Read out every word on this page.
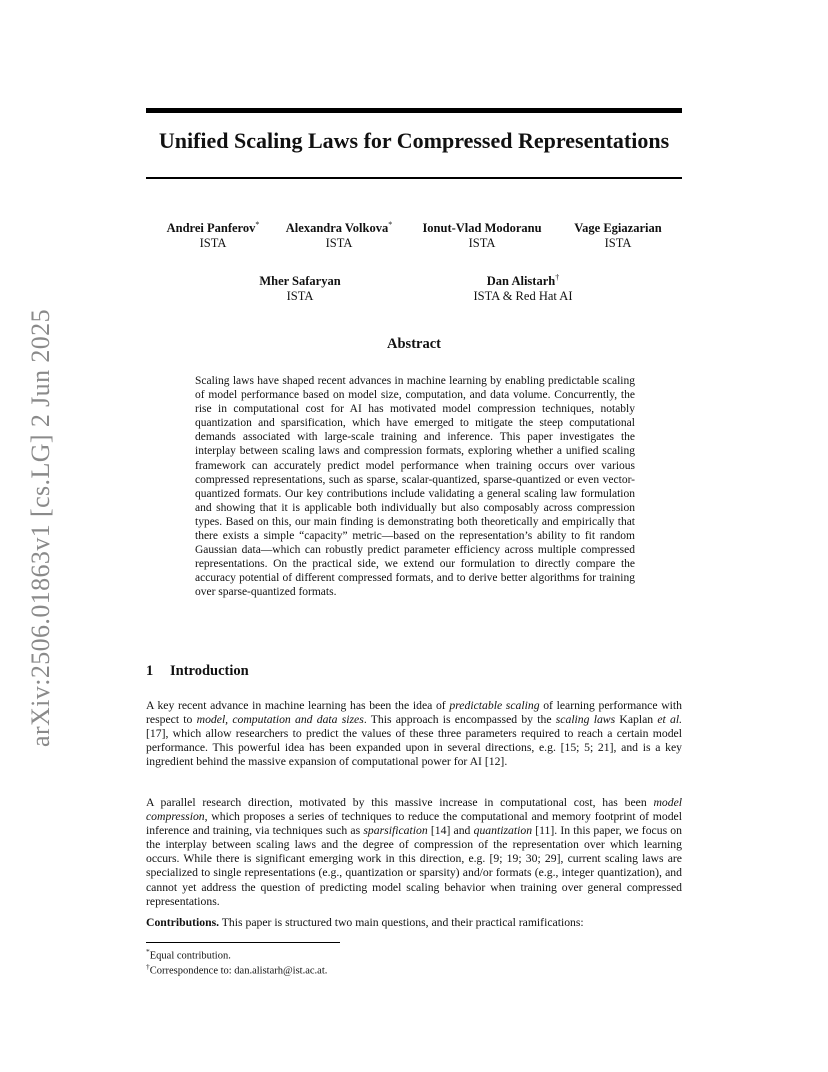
arXiv:2506.01863v1 [cs.LG] 2 Jun 2025
Unified Scaling Laws for Compressed Representations
Andrei Panferov*
ISTA
Alexandra Volkova*
ISTA
Ionut-Vlad Modoranu
ISTA
Vage Egiazarian
ISTA
Mher Safaryan
ISTA
Dan Alistarh†
ISTA & Red Hat AI
Abstract

Scaling laws have shaped recent advances in machine learning by enabling predictable scaling of model performance based on model size, computation, and data volume. Concurrently, the rise in computational cost for AI has motivated model compression techniques, notably quantization and sparsification, which have emerged to mitigate the steep computational demands associated with large-scale training and inference. This paper investigates the interplay between scaling laws and compression formats, exploring whether a unified scaling framework can accurately predict model performance when training occurs over various compressed representations, such as sparse, scalar-quantized, sparse-quantized or even vector-quantized formats. Our key contributions include validating a general scaling law formulation and showing that it is applicable both individually but also composably across compression types. Based on this, our main finding is demonstrating both theoretically and empirically that there exists a simple “capacity” metric—based on the representation’s ability to fit random Gaussian data—which can robustly predict parameter efficiency across multiple compressed representations. On the practical side, we extend our formulation to directly compare the accuracy potential of different compressed formats, and to derive better algorithms for training over sparse-quantized formats.

1 Introduction

A key recent advance in machine learning has been the idea of predictable scaling of learning performance with respect to model, computation and data sizes. This approach is encompassed by the scaling laws Kaplan et al. [17], which allow researchers to predict the values of these three parameters required to reach a certain model performance. This powerful idea has been expanded upon in several directions, e.g. [15; 5; 21], and is a key ingredient behind the massive expansion of computational power for AI [12].

A parallel research direction, motivated by this massive increase in computational cost, has been model compression, which proposes a series of techniques to reduce the computational and memory footprint of model inference and training, via techniques such as sparsification [14] and quantization [11]. In this paper, we focus on the interplay between scaling laws and the degree of compression of the representation over which learning occurs. While there is significant emerging work in this direction, e.g. [9; 19; 30; 29], current scaling laws are specialized to single representations (e.g., quantization or sparsity) and/or formats (e.g., integer quantization), and cannot yet address the question of predicting model scaling behavior when training over general compressed representations.

Contributions. This paper is structured two main questions, and their practical ramifications:

*Equal contribution.

†Correspondence to: dan.alistarh@ist.ac.at.
